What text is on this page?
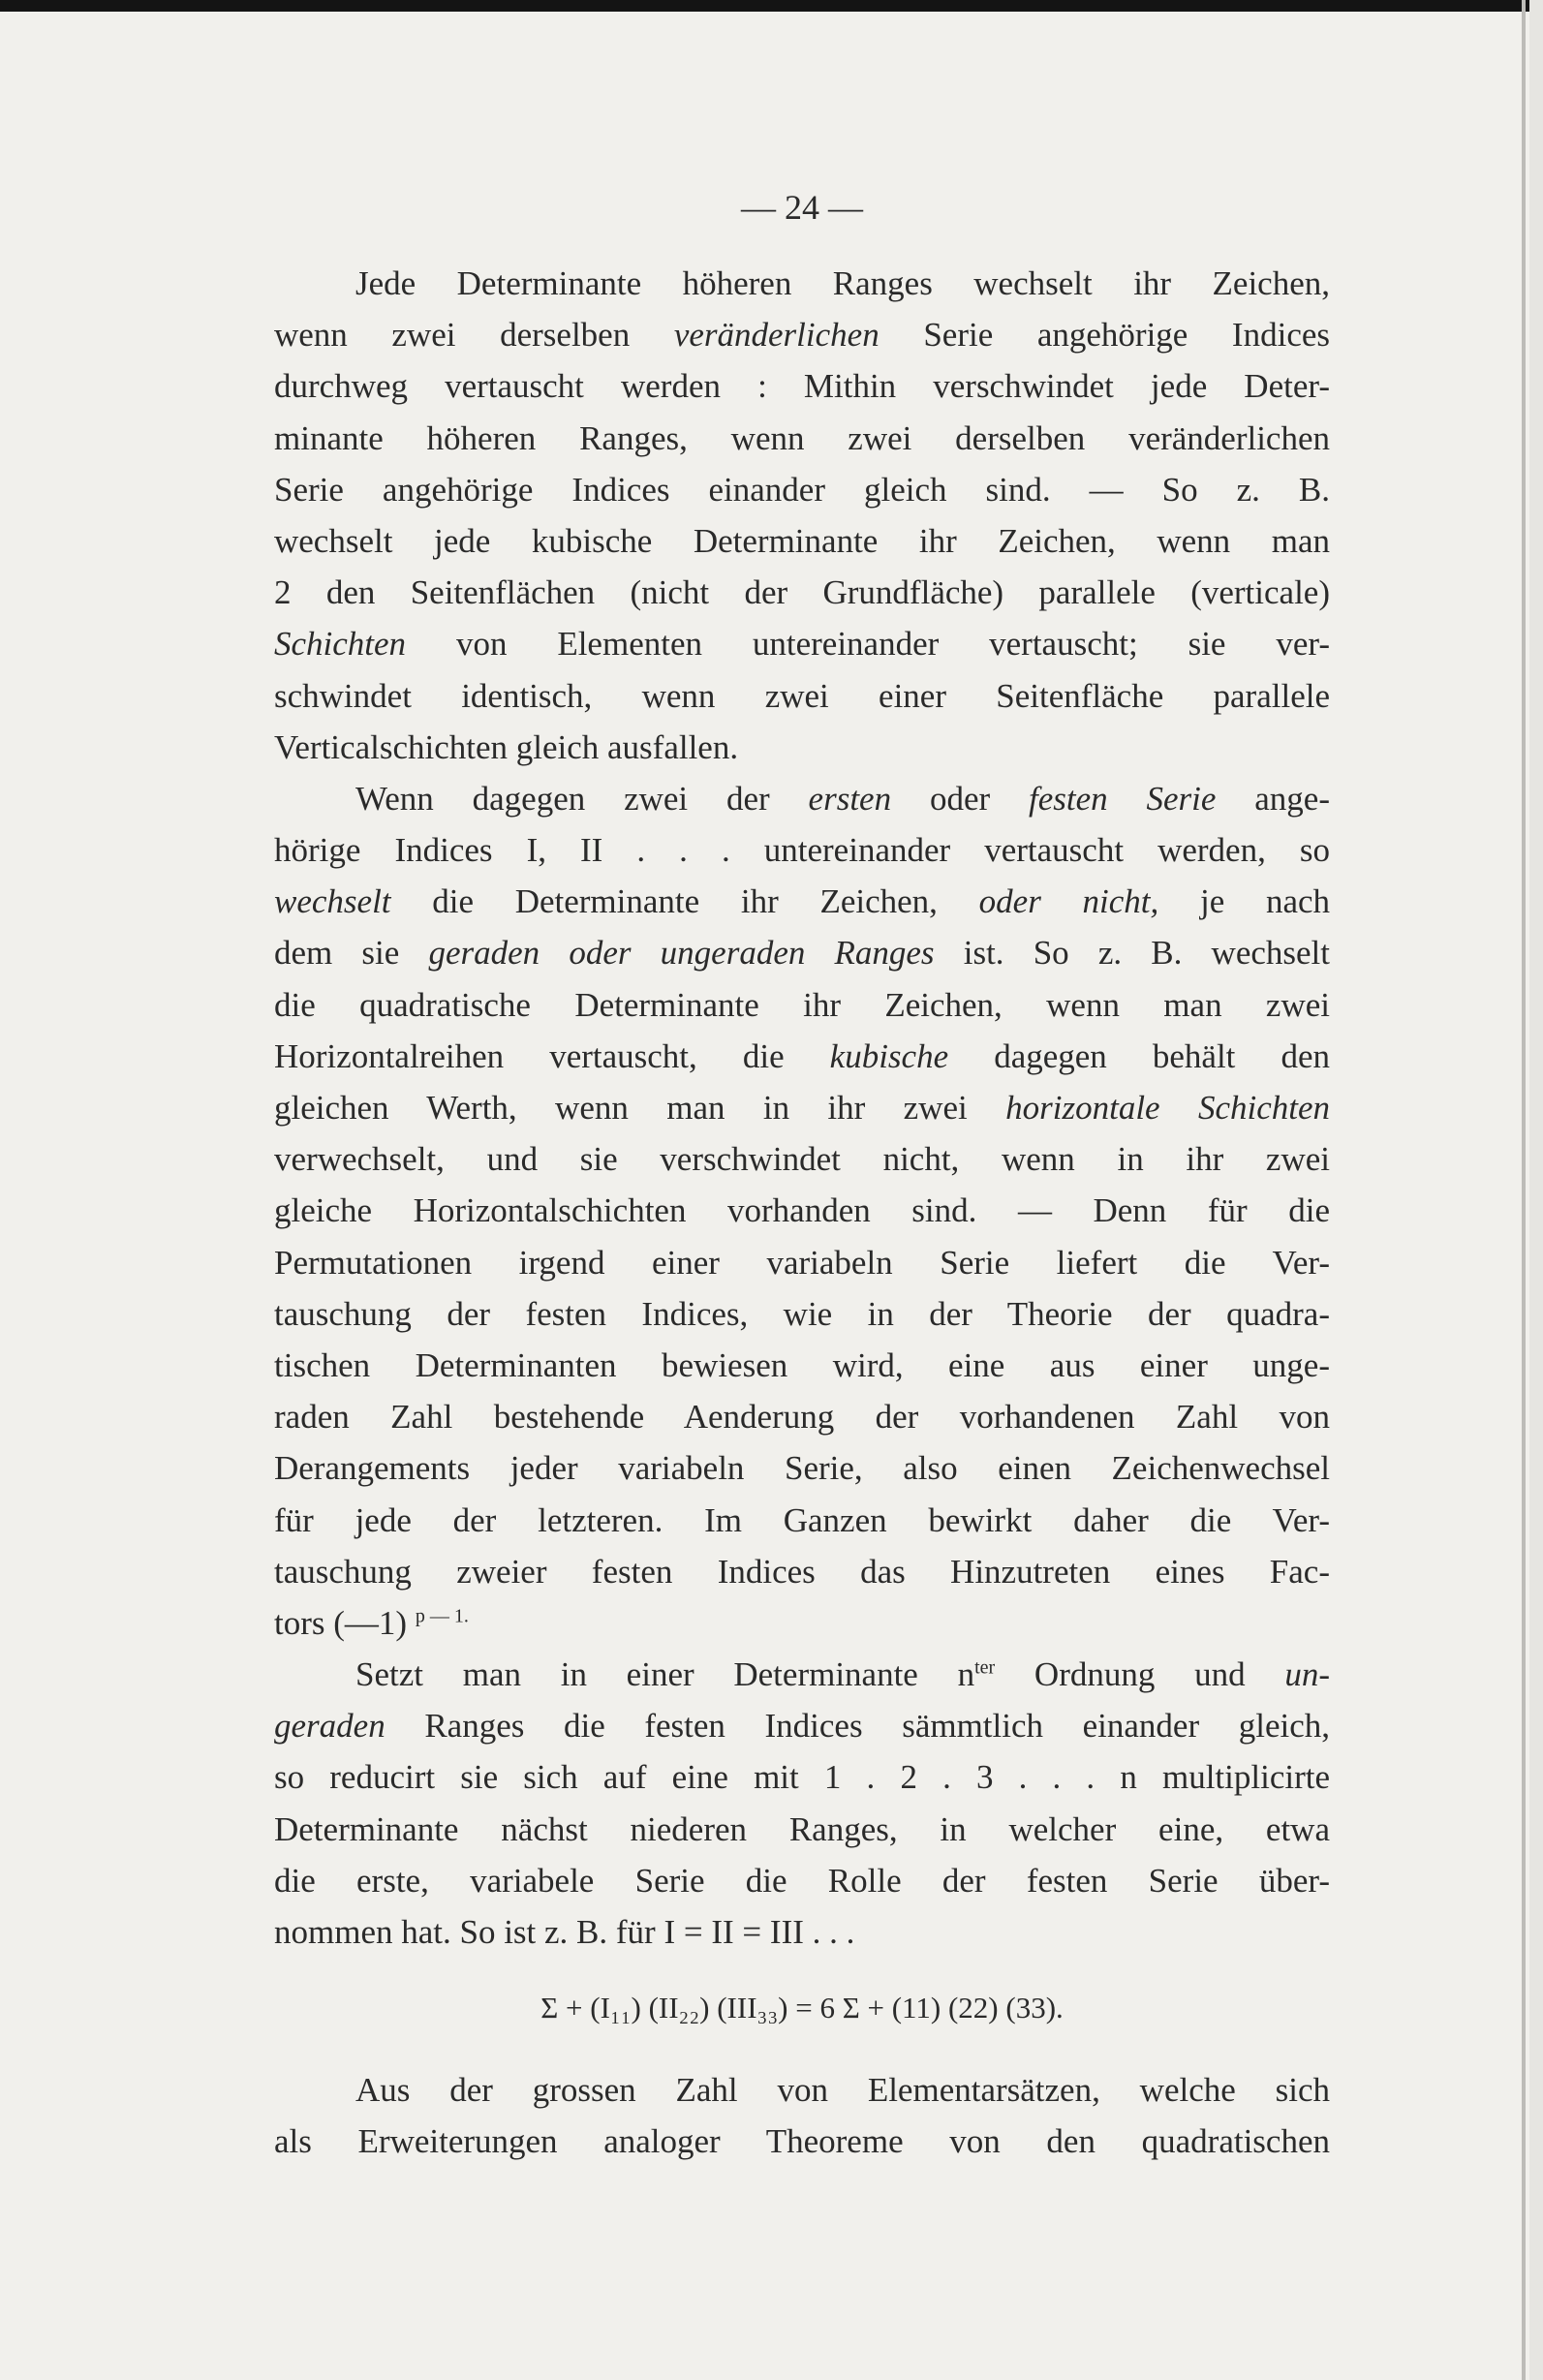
— 24 —
Jede Determinante höheren Ranges wechselt ihr Zeichen,
wenn zwei derselben veränderlichen Serie angehörige Indices
durchweg vertauscht werden : Mithin verschwindet jede Deter-
minante höheren Ranges, wenn zwei derselben veränderlichen
Serie angehörige Indices einander gleich sind. — So z. B.
wechselt jede kubische Determinante ihr Zeichen, wenn man
2 den Seitenflächen (nicht der Grundfläche) parallele (verticale)
Schichten von Elementen untereinander vertauscht; sie ver-
schwindet identisch, wenn zwei einer Seitenfläche parallele
Verticalschichten gleich ausfallen.
Wenn dagegen zwei der ersten oder festen Serie ange-
hörige Indices I, II . . . untereinander vertauscht werden, so
wechselt die Determinante ihr Zeichen, oder nicht, je nach
dem sie geraden oder ungeraden Ranges ist. So z. B. wechselt
die quadratische Determinante ihr Zeichen, wenn man zwei
Horizontalreihen vertauscht, die kubische dagegen behält den
gleichen Werth, wenn man in ihr zwei horizontale Schichten
verwechselt, und sie verschwindet nicht, wenn in ihr zwei
gleiche Horizontalschichten vorhanden sind. — Denn für die
Permutationen irgend einer variabeln Serie liefert die Ver-
tauschung der festen Indices, wie in der Theorie der quadra-
tischen Determinanten bewiesen wird, eine aus einer unge-
raden Zahl bestehende Aenderung der vorhandenen Zahl von
Derangements jeder variabeln Serie, also einen Zeichenwechsel
für jede der letzteren. Im Ganzen bewirkt daher die Ver-
tauschung zweier festen Indices das Hinzutreten eines Fac-
tors (—1) $^{p — 1.}$
Setzt man in einer Determinante $n^{ter}$ Ordnung und un-
geraden Ranges die festen Indices sämmtlich einander gleich,
so reducirt sie sich auf eine mit 1 . 2 . 3 . . . n multiplicirte
Determinante nächst niederen Ranges, in welcher eine, etwa
die erste, variabele Serie die Rolle der festen Serie über-
nommen hat. So ist z. B. für I = II = III . . .
Σ + (I₁₁) (II₂₂) (III₃₃) = 6 Σ + (11) (22) (33).
Aus der grossen Zahl von Elementarsätzen, welche sich
als Erweiterungen analoger Theoreme von den quadratischen
